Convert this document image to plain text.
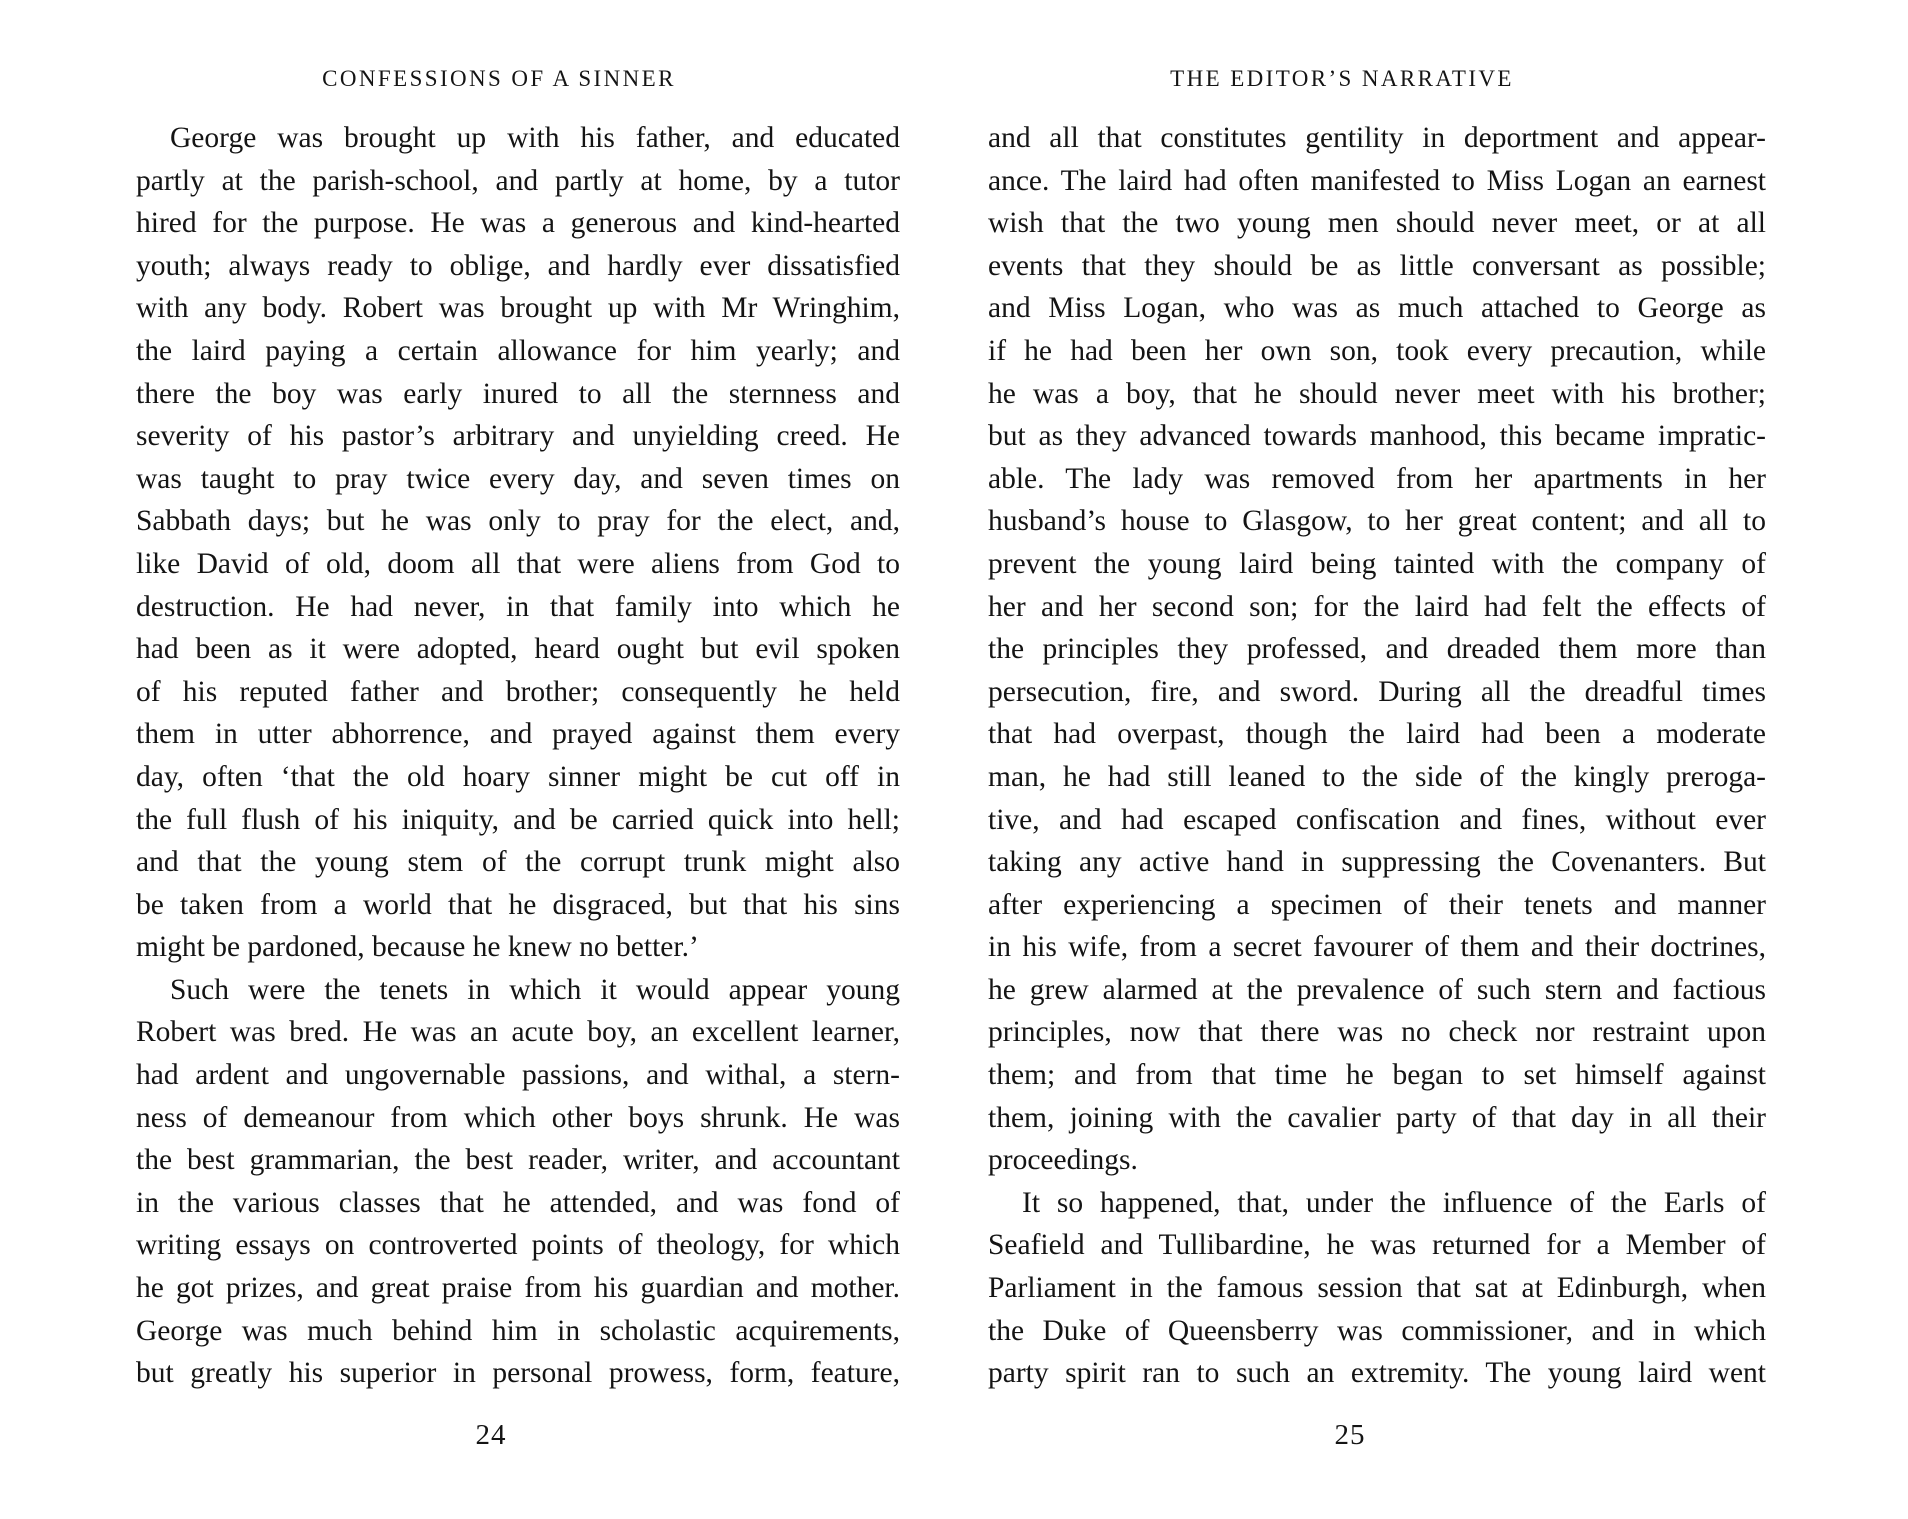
CONFESSIONS OF A SINNER
George was brought up with his father, and educated
partly at the parish-school, and partly at home, by a tutor
hired for the purpose. He was a generous and kind-hearted
youth; always ready to oblige, and hardly ever dissatisfied
with any body. Robert was brought up with Mr Wringhim,
the laird paying a certain allowance for him yearly; and
there the boy was early inured to all the sternness and
severity of his pastor’s arbitrary and unyielding creed. He
was taught to pray twice every day, and seven times on
Sabbath days; but he was only to pray for the elect, and,
like David of old, doom all that were aliens from God to
destruction. He had never, in that family into which he
had been as it were adopted, heard ought but evil spoken
of his reputed father and brother; consequently he held
them in utter abhorrence, and prayed against them every
day, often ‘that the old hoary sinner might be cut off in
the full flush of his iniquity, and be carried quick into hell;
and that the young stem of the corrupt trunk might also
be taken from a world that he disgraced, but that his sins
might be pardoned, because he knew no better.’
Such were the tenets in which it would appear young
Robert was bred. He was an acute boy, an excellent learner,
had ardent and ungovernable passions, and withal, a stern-
ness of demeanour from which other boys shrunk. He was
the best grammarian, the best reader, writer, and accountant
in the various classes that he attended, and was fond of
writing essays on controverted points of theology, for which
he got prizes, and great praise from his guardian and mother.
George was much behind him in scholastic acquirements,
but greatly his superior in personal prowess, form, feature,
24
THE EDITOR’S NARRATIVE
and all that constitutes gentility in deportment and appear-
ance. The laird had often manifested to Miss Logan an earnest
wish that the two young men should never meet, or at all
events that they should be as little conversant as possible;
and Miss Logan, who was as much attached to George as
if he had been her own son, took every precaution, while
he was a boy, that he should never meet with his brother;
but as they advanced towards manhood, this became impratic-
able. The lady was removed from her apartments in her
husband’s house to Glasgow, to her great content; and all to
prevent the young laird being tainted with the company of
her and her second son; for the laird had felt the effects of
the principles they professed, and dreaded them more than
persecution, fire, and sword. During all the dreadful times
that had overpast, though the laird had been a moderate
man, he had still leaned to the side of the kingly preroga-
tive, and had escaped confiscation and fines, without ever
taking any active hand in suppressing the Covenanters. But
after experiencing a specimen of their tenets and manner
in his wife, from a secret favourer of them and their doctrines,
he grew alarmed at the prevalence of such stern and factious
principles, now that there was no check nor restraint upon
them; and from that time he began to set himself against
them, joining with the cavalier party of that day in all their
proceedings.
It so happened, that, under the influence of the Earls of
Seafield and Tullibardine, he was returned for a Member of
Parliament in the famous session that sat at Edinburgh, when
the Duke of Queensberry was commissioner, and in which
party spirit ran to such an extremity. The young laird went
25
